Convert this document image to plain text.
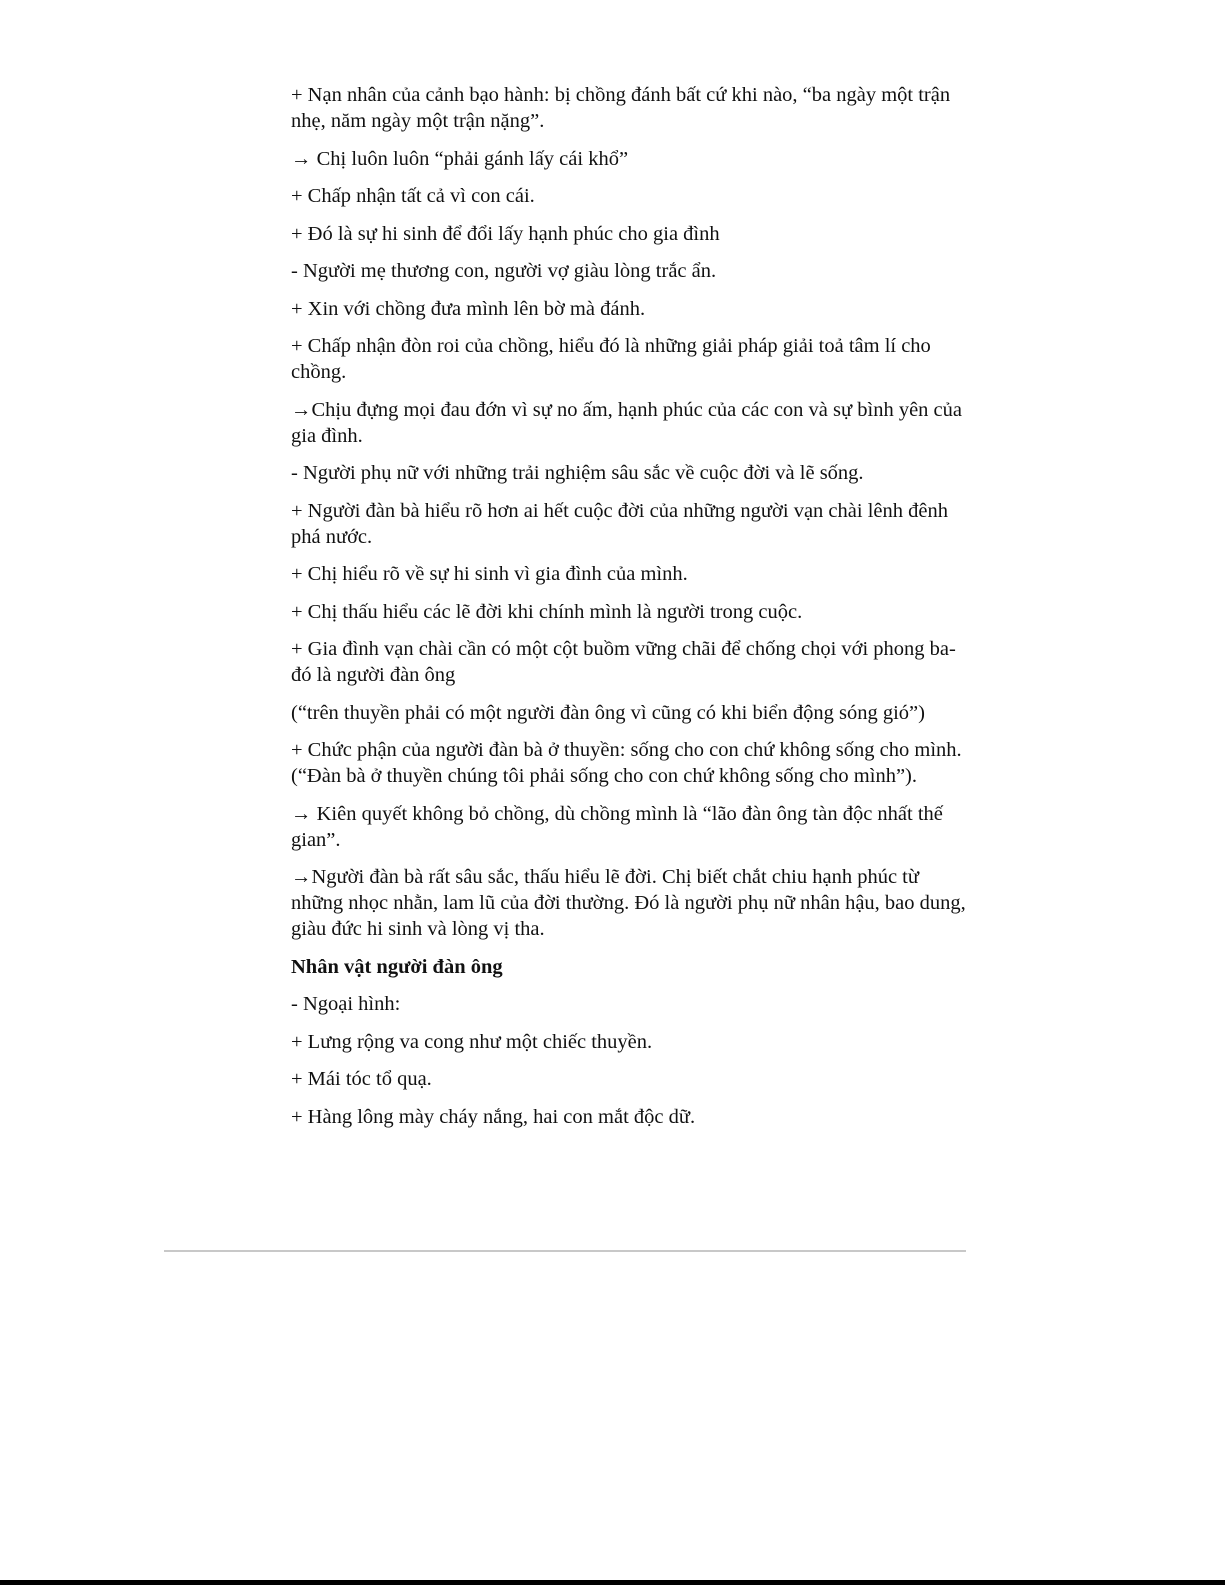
+ Nạn nhân của cảnh bạo hành: bị chồng đánh bất cứ khi nào, “ba ngày một trận nhẹ, năm ngày một trận nặng”.

→ Chị luôn luôn “phải gánh lấy cái khổ”

+ Chấp nhận tất cả vì con cái.

+ Đó là sự hi sinh để đổi lấy hạnh phúc cho gia đình

- Người mẹ thương con, người vợ giàu lòng trắc ẩn.

+ Xin với chồng đưa mình lên bờ mà đánh.

+ Chấp nhận đòn roi của chồng, hiểu đó là những giải pháp giải toả tâm lí cho chồng.

→Chịu đựng mọi đau đớn vì sự no ấm, hạnh phúc của các con và sự bình yên của gia đình.

- Người phụ nữ với những trải nghiệm sâu sắc về cuộc đời và lẽ sống.

+ Người đàn bà hiểu rõ hơn ai hết cuộc đời của những người vạn chài lênh đênh phá nước.

+ Chị hiểu rõ về sự hi sinh vì gia đình của mình.

+ Chị thấu hiểu các lẽ đời khi chính mình là người trong cuộc.

+ Gia đình vạn chài cần có một cột buồm vững chãi để chống chọi với phong ba- đó là người đàn ông

(“trên thuyền phải có một người đàn ông vì cũng có khi biển động sóng gió”)

+ Chức phận của người đàn bà ở thuyền: sống cho con chứ không sống cho mình. (“Đàn bà ở thuyền chúng tôi phải sống cho con chứ không sống cho mình”).

→ Kiên quyết không bỏ chồng, dù chồng mình là “lão đàn ông tàn độc nhất thế gian”.

→Người đàn bà rất sâu sắc, thấu hiểu lẽ đời. Chị biết chắt chiu hạnh phúc từ những nhọc nhằn, lam lũ của đời thường. Đó là người phụ nữ nhân hậu, bao dung, giàu đức hi sinh và lòng vị tha.

Nhân vật người đàn ông

- Ngoại hình:

+ Lưng rộng va cong như một chiếc thuyền.

+ Mái tóc tổ quạ.

+ Hàng lông mày cháy nắng, hai con mắt độc dữ.
